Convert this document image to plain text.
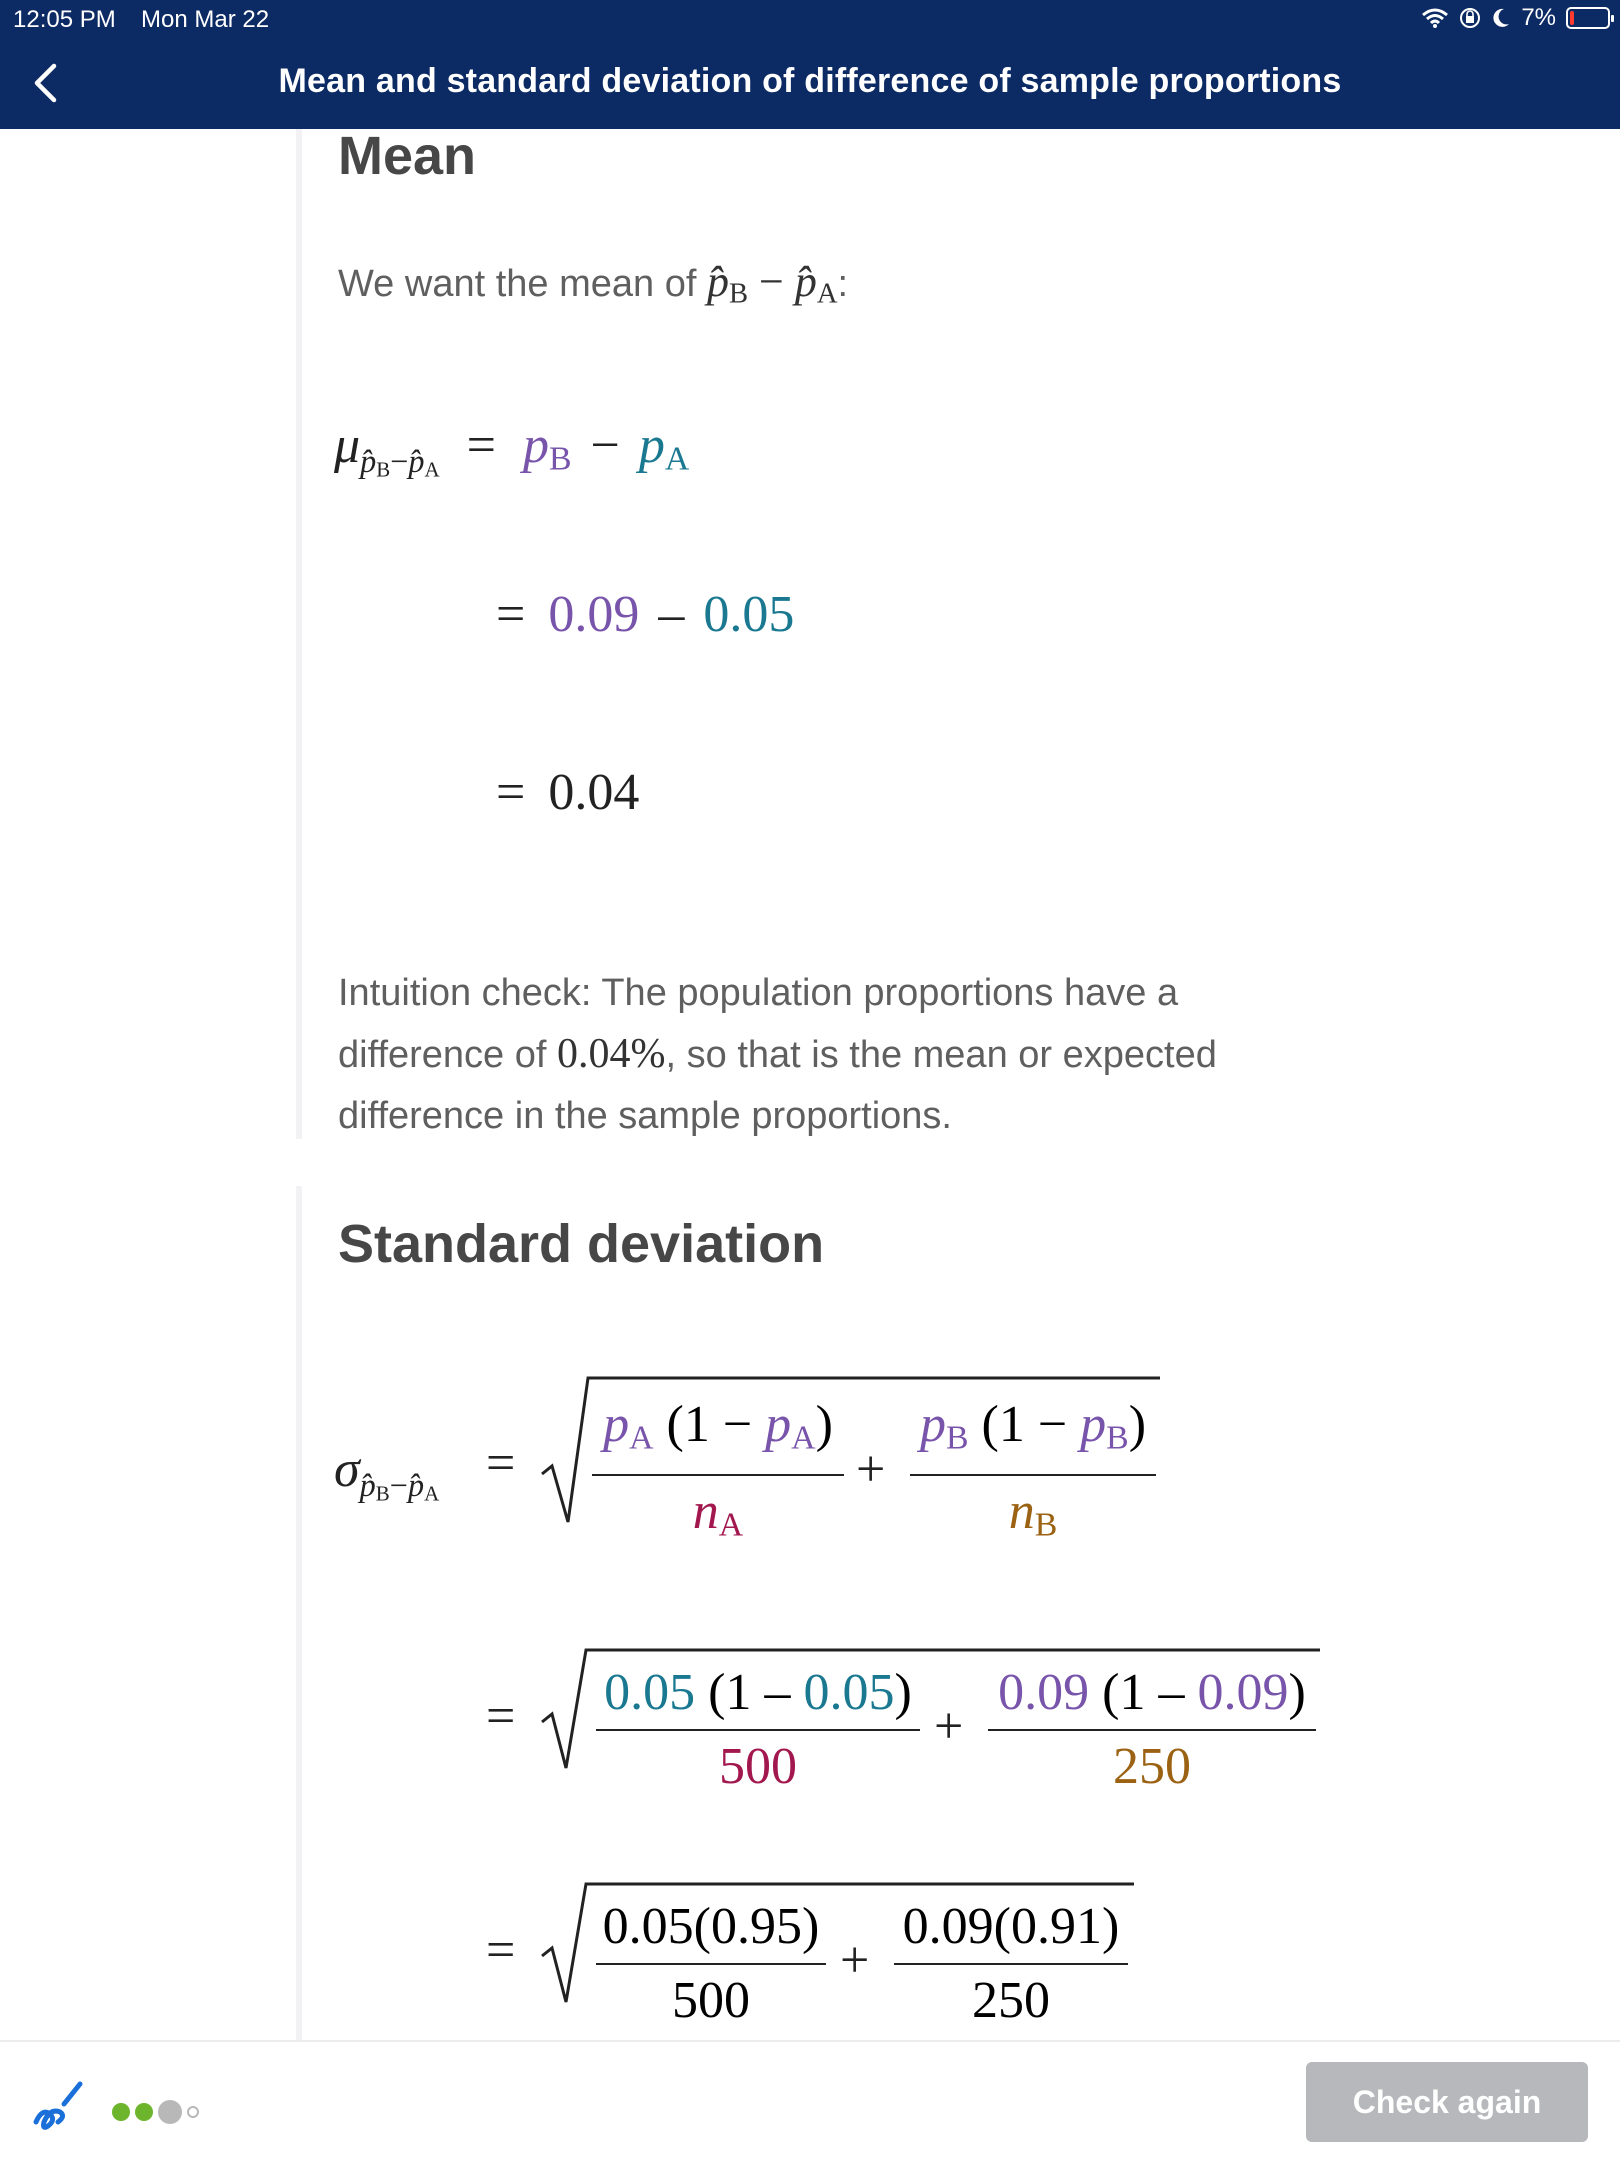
12:05 PM Mon Mar 22	7%
Mean and standard deviation of difference of sample proportions
Mean
We want the mean of $p̂_B$ − $p̂_A$:
$\mu p̂_B-p̂_A = p_B - p_A$
= 0.09 – 0.05
= 0.04
Intuition check: The population proportions have a difference of 0.04%, so that is the mean or expected difference in the sample proportions.
Standard deviation
$\sigma p̂_B-p̂_A$
=
$p_A$ $(1 - p_A)$
$n_A$
+
$p_B$ $(1 - p_B)$
$n_B$
= 0.05 (1 – 0.05)
500
+
0.09 (1 – 0.09)
250
= 0.05(0.95)
500
+
0.09(0.91)
250
Check again
